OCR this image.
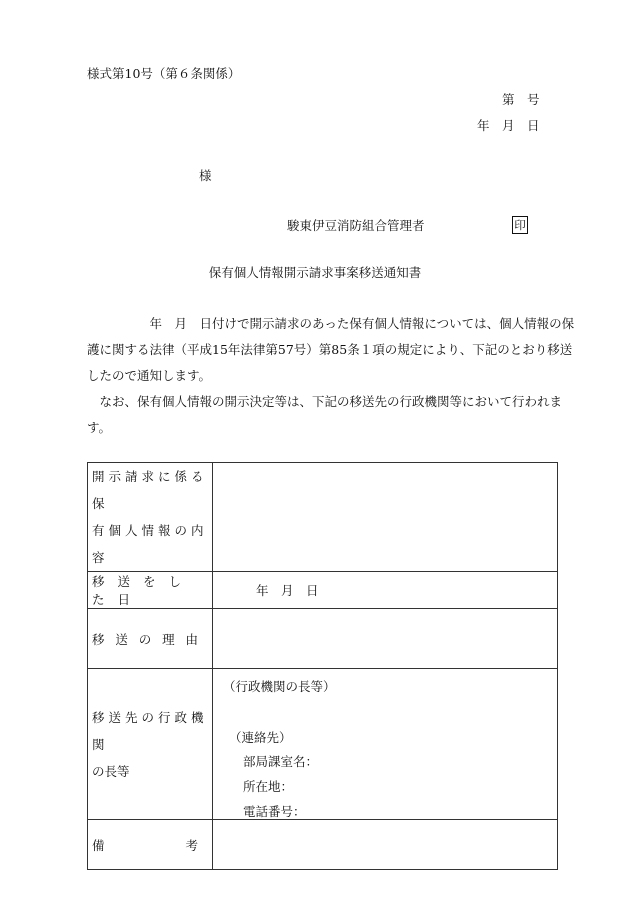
様式第10号（第６条関係）
第　号
年　月　日
様
駿東伊豆消防組合管理者	印
保有個人情報開示請求事案移送通知書
　　　　　年　月　日付けで開示請求のあった保有個人情報については、個人情報の保
護に関する法律（平成15年法律第57号）第85条１項の規定により、下記のとおり移送
したので通知します。
　なお、保有個人情報の開示決定等は、下記の移送先の行政機関等において行われま
す。
開示請求に係る保
有個人情報の内容	

移送をした日	年　月　日

移 送 の 理 由	

移送先の行政機関
の長等	（行政機関の長等）
（連絡先）
部局課室名：
所在地：
電話番号：

備 考	
